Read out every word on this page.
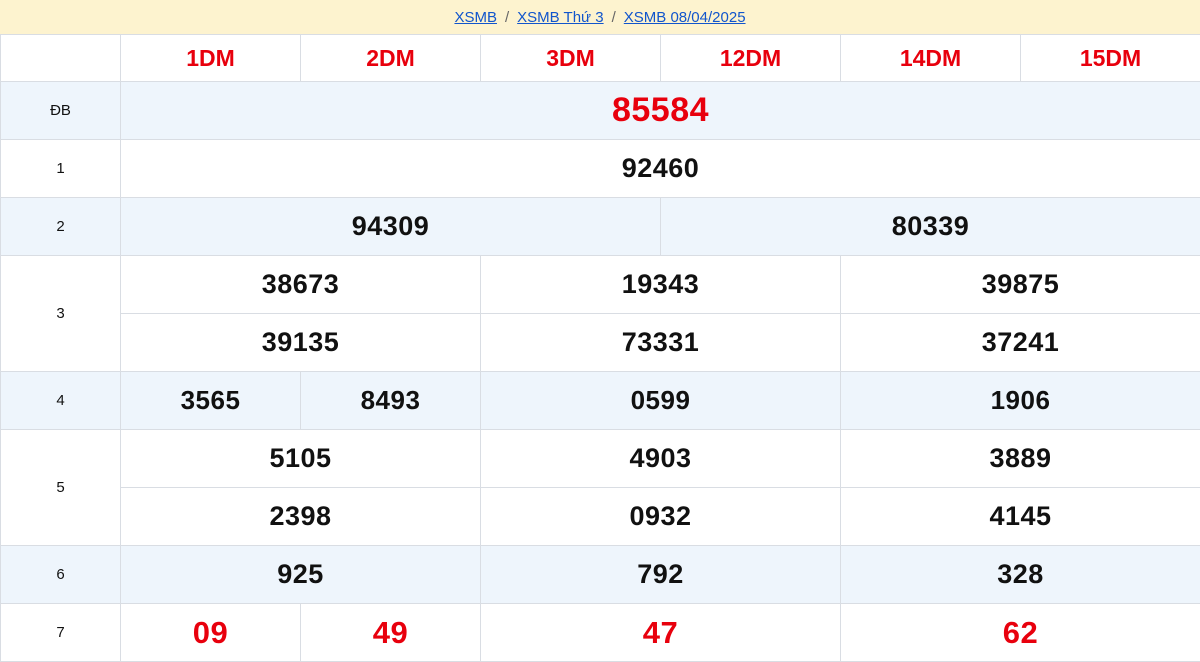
XSMB / XSMB Thứ 3 / XSMB 08/04/2025
	1DM	2DM	3DM	12DM	14DM	15DM
ĐB	85584					
1	92460					
2	94309			80339		
3	38673		19343		39875	
	39135		73331		37241	
4	3565	8493	0599		1906	
5	5105		4903		3889	
	2398		0932		4145	
6	925		792		328	
7	09	49	47		62	
